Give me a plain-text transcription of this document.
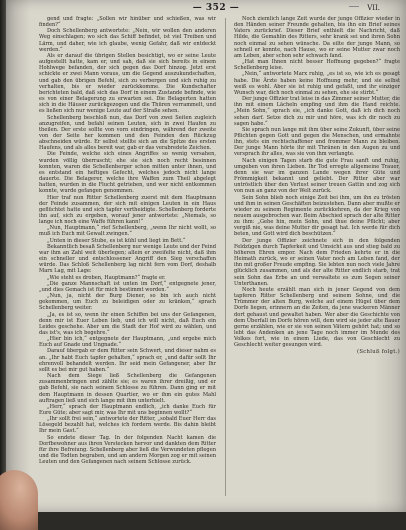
— 352 —	VII.

gend und fragte: „Sollen wir hinüber und schießen, was wir finden?“

Doch Schellenberg antwortete: „Nein, wir wollen den anderen Weg einschlagen; wo sich das Schiff befindet, ist viel Treiben und Lärm, und daher, wie ich glaube, wenig Gefahr, daß wir entdeckt werden.“

Als er darauf die übrigen Stellen besichtigt, wo er seine Leute aufgestellt hatte, kam er, und sah, daß sie sich bereits in einem Hohlwege befanden, der sich gegen das Dorf hinzog. Jetzt erst schickte er zwei Mann voraus, um die Gegend auszukundschaften, und gab den übrigen Befehl, sich zu verbergen und sich ruhig zu verhalten, bis er wieder zurückkomme. Die Kundschafter berichteten bald, daß sich das Dorf in einem Zustande befinde, wie es von einer Belagerung zu erwarten sei. Die Belagerten hatten sich in die Häuser zurückgezogen und die Thüren verrammelt, und es ließen sich nur wenige Leute auf der Straße sehen.

Schellenberg beschloß nun, das Dorf von zwei Seiten zugleich anzugreifen, und befahl seinen Leuten, sich in zwei Haufen zu theilen. Der erste sollte von vorn eindringen, während der zweite von der Seite her kommen und den Feinden den Rückzug abschneiden würde. Er selbst stellte sich an die Spitze des ersten Haufens, und als alles bereit war, gab er das verabredete Zeichen.

Die Feinde, welche sich eines Angriffes so wenig versahen, wurden völlig überrascht; ehe sie sich noch recht besinnen konnten, waren die Schellenberger schon mitten unter ihnen, und es entstand ein heftiges Gefecht, welches jedoch nicht lange dauerte. Die Belagerer, welche ihre Waffen zum Theil abgelegt hatten, wurden in die Flucht getrieben, und wer nicht entkommen konnte, wurde gefangen genommen.

Hier traf nun Ritter Schellenberg zuerst mit dem Hauptmann der Feinde zusammen, der sich mit einigen Leuten in ein Haus geflüchtet hatte und sich tapfer vertheidigte. Schellenberg forderte ihn auf, sich zu ergeben, worauf jener antwortete: „Niemals, so lange ich noch eine Waffe führen kann!“

„Nun, Hauptmann,“ rief Schellenberg, „wenn Ihr nicht wollt, so muß ich Euch mit Gewalt zwingen.“

„Unten in dieser Stube, es ist kühl und liegt im Bett.“

Bekanntlich besaß Schellenberg nur wenige Leute und der Feind war ihm an Zahl weit überlegen; allein er zweifelte nicht, daß ihm ein schneller und entschlossener Angriff den Sieg verschaffen würde. Das Schloß Schellenberg lag nicht fern vom Dorf, deshalb Marx Lag, mit Lage:

„Wie steht es droben, Hauptmann?“ fragte er.

„Die ganze Mannschaft ist unten im Dorf,“ entgegnete jener, „und dies Gemach ist für mich bestimmt worden.“

„Nun, ja, nicht der Burg Diener, so bin ich auch nicht gekommen, um Euch zu beleidigen oder zu kränken,“ sprach Schellenberg weiter.

„Ja, es ist so, wenn ihr einen Schiffen bei uns der Gefangenen, denn mir ist Euer Leben lieb, und ich will nicht, daß Euch ein Leides geschehe. Aber um die Stadt der Hof wird zu wählen, und das ist's, was ich begehre.“

„Hier bin ich,“ entgegnete der Hauptmann, „und ergebe mich Euch auf Gnade und Ungnade.“

Darauf übergab er dem Ritter sein Schwert, und dieser nahm es an. „Ihr habt Euch tapfer gehalten,“ sprach er, „und dafür sollt Ihr ehrenvoll behandelt werden. Ihr seid mein Gefangener, aber Ihr sollt es bei mir gut haben.“

Nach dem Siege ließ Schellenberg die Gefangenen zusammenbringen und zählte sie; es waren ihrer dreißig, und er gab Befehl, sie nach seinem Schlosse zu führen. Dann ging er mit dem Hauptmann in dessen Quartier, wo er ihm ein gutes Mahl auftragen ließ und sich lange mit ihm unterhielt.

„Herr,“ sprach der Hauptmann endlich, „ich danke Euch für Eure Güte; aber sagt mir, was Ihr mit uns beginnen wollt?“

„Ihr sollt frei sein,“ antwortete der Ritter, „sobald Euer Herr das Lösegeld bezahlt hat, welches ich fordern werde. Bis dahin bleibt Ihr mein Gast.“

So endete dieser Tag. In der folgenden Nacht kamen die Dorfbewohner aus ihren Verstecken hervor und dankten dem Ritter für ihre Befreiung. Schellenberg aber ließ die Verwundeten pflegen und die Todten begraben, und am andern Morgen zog er mit seinen Leuten und den Gefangenen nach seinem Schlosse zurück.

Noch ziemlich lange Zeit wurde der junge Offizier wieder in den Händen seiner Freunde gehalten, bis ihn ein Brief seines Vaters zurückrief. Dieser Brief enthielt die Nachricht, daß Hilde, die Gemahlin des Ritters, sehr krank sei und ihren Sohn noch einmal zu sehen wünsche. Da eilte der junge Mann, so schnell er konnte, nach Hause, wo er seine Mutter zwar noch am Leben, aber schon sehr schwach fand.

„Hat man Ihnen nicht besser Hoffnung gegeben?“ fragte Schellenberg leise.

„Nein,“ antwortete Marx ruhig, „es ist so, wie ich es gesagt habe. Die Ärzte haben keine Hoffnung mehr, und sie selbst weiß es wohl. Aber sie ist ruhig und gefaßt, und ihr einziger Wunsch war, dich noch einmal zu sehen, ehe sie stirbt.“

Der junge Offizier trat leise in das Zimmer seiner Mutter, die ihn mit einem Lächeln empfing und ihm die Hand reichte. „Mein Sohn,“ sprach sie, „ich danke Gott, daß ich dich noch sehen darf. Setze dich zu mir und höre, was ich dir noch zu sagen habe.“

Sie sprach nun lange mit ihm über seine Zukunft, über seine Pflichten gegen Gott und gegen die Menschen, und ermahnte ihn, stets ein rechtschaffener und frommer Mann zu bleiben. Der junge Mann hörte ihr mit Thränen in den Augen zu und versprach ihr alles, was sie von ihm verlangte.

Nach einigen Tagen starb die gute Frau sanft und ruhig, umgeben von ihren Lieben. Ihr Tod erregte allgemeine Trauer, denn sie war im ganzen Lande wegen ihrer Güte und Frömmigkeit bekannt und geliebt. Der Ritter aber war untröstlich über den Verlust seiner treuen Gattin und zog sich von nun an ganz von der Welt zurück.

Sein Sohn blieb noch einige Zeit bei ihm, um ihn zu trösten und ihm in seinen Geschäften beizustehen. Dann aber mußte er wieder zu seinem Regimente zurückkehren, da der Krieg von neuem ausgebrochen war. Beim Abschied sprach der alte Ritter zu ihm: „Gehe hin, mein Sohn, und thue deine Pflicht; aber vergiß nie, was deine Mutter dir gesagt hat. Ich werde für dich beten, und Gott wird dich beschützen.“

Der junge Offizier zeichnete sich in den folgenden Feldzügen durch Tapferkeit und Umsicht aus und stieg bald zu höheren Ehren empor. Nach dem Frieden kehrte er in die Heimath zurück, wo er seinen Vater noch am Leben fand, der ihn mit großer Freude empfing. Sie lebten nun noch viele Jahre glücklich zusammen, und als der alte Ritter endlich starb, trat sein Sohn das Erbe an und verwaltete es zum Segen seiner Unterthanen.

Noch heute erzählt man sich in jener Gegend von dem tapferen Ritter Schellenberg und seinem Sohne, und die Trümmer der alten Burg, welche auf einem Hügel über dem Dorfe liegen, erinnern an die Zeiten, da jene wackeren Männer dort gehaust und gewaltet haben. Wer aber die Geschichte von dem Überfall im Dorfe hören will, dem wird sie jeder alte Bauer gerne erzählen, wie er sie von seinen Vätern gehört hat; und so lebt das Andenken an jene Tage noch immer im Munde des Volkes fort, wie in einem Liede, das von Geschlecht zu Geschlecht weiter gesungen wird.

(Schluß folgt.)
